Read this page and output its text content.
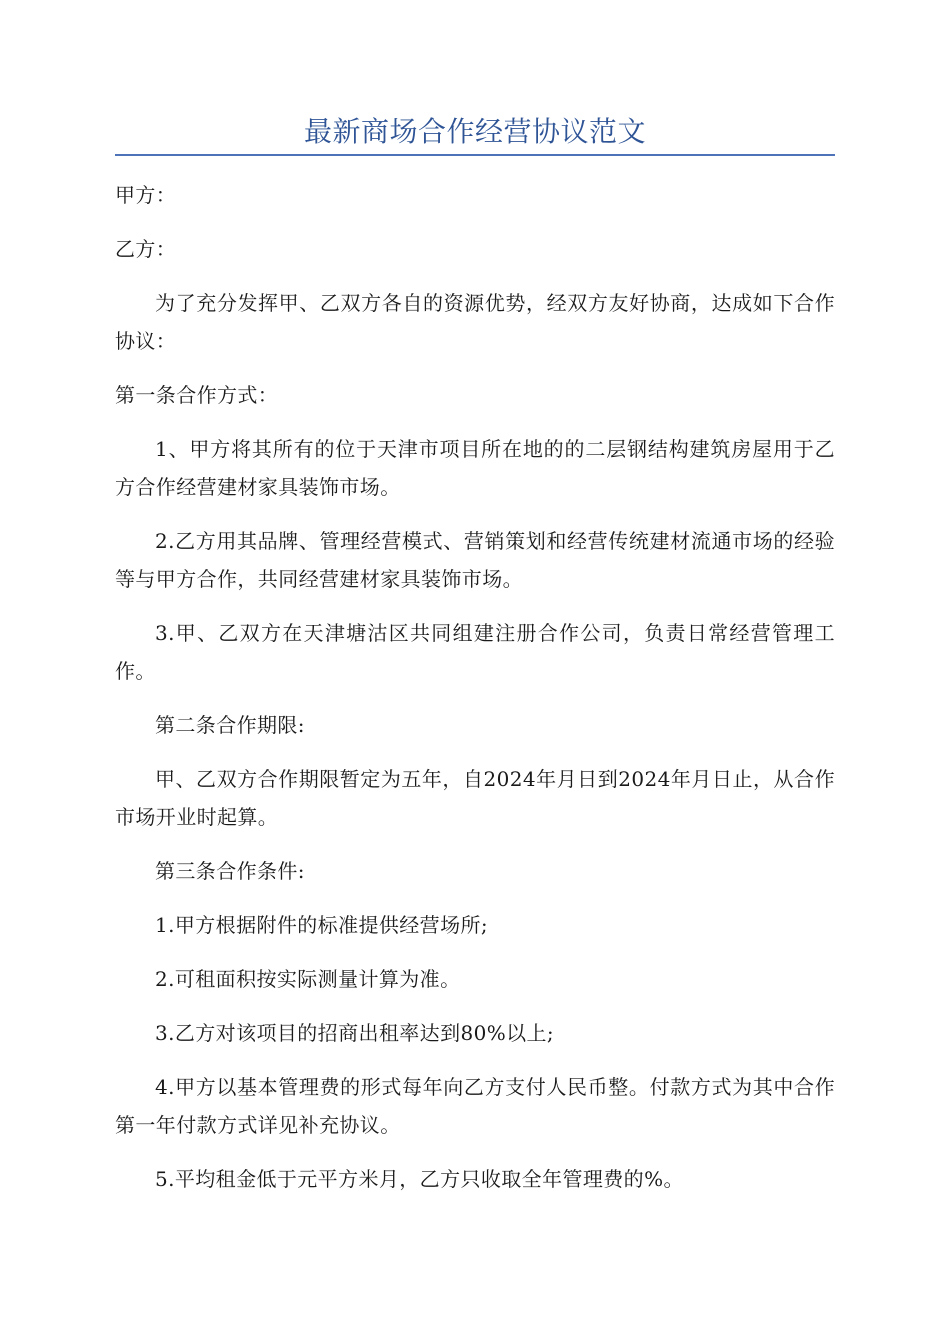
最新商场合作经营协议范文

甲方：

乙方：

为了充分发挥甲、乙双方各自的资源优势，经双方友好协商，达成如下合作协议：

第一条合作方式：

1、甲方将其所有的位于天津市项目所在地的的二层钢结构建筑房屋用于乙方合作经营建材家具装饰市场。

2.乙方用其品牌、管理经营模式、营销策划和经营传统建材流通市场的经验等与甲方合作，共同经营建材家具装饰市场。

3.甲、乙双方在天津塘沽区共同组建注册合作公司，负责日常经营管理工作。

第二条合作期限:

甲、乙双方合作期限暂定为五年，自2024年月日到2024年月日止，从合作市场开业时起算。

第三条合作条件:

1.甲方根据附件的标准提供经营场所;

2.可租面积按实际测量计算为准。

3.乙方对该项目的招商出租率达到80%以上;

4.甲方以基本管理费的形式每年向乙方支付人民币整。付款方式为其中合作第一年付款方式详见补充协议。

5.平均租金低于元平方米月，乙方只收取全年管理费的%。
